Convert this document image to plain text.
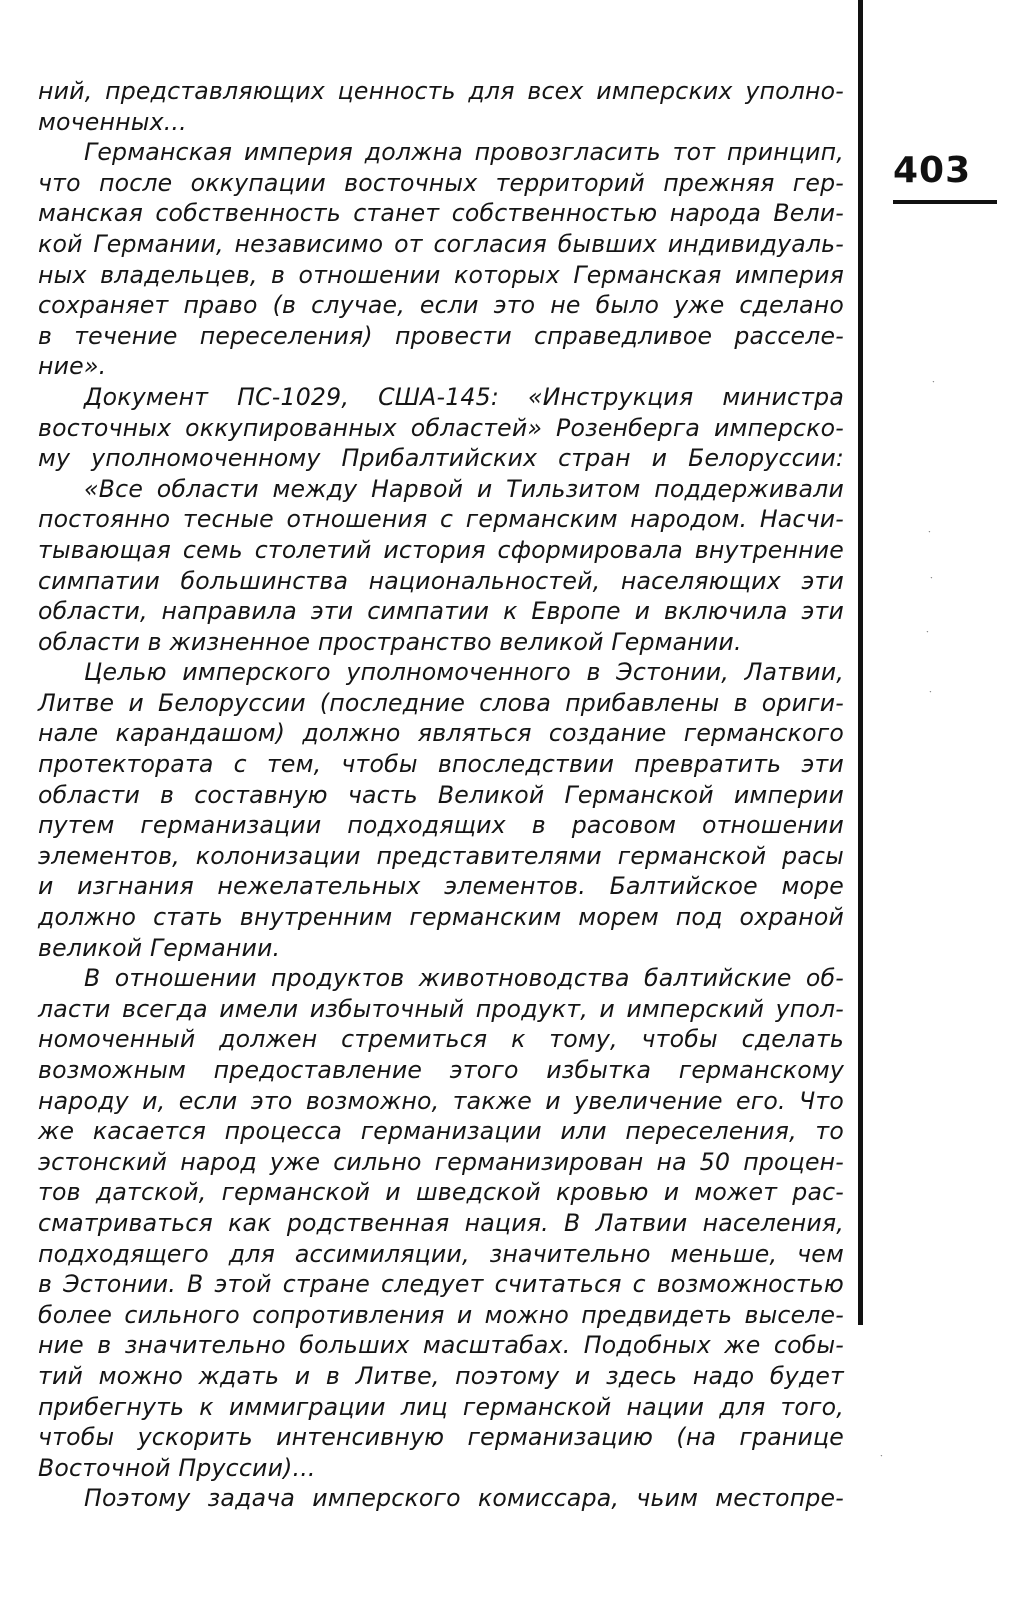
403
ˑ
ˑ
ˑ
ˑ
ˑ
ˑ
ний, представляющих ценность для всех имперских уполно-
моченных...
Германская империя должна провозгласить тот принцип,
что после оккупации восточных территорий прежняя гер-
манская собственность станет собственностью народа Вели-
кой Германии, независимо от согласия бывших индивидуаль-
ных владельцев, в отношении которых Германская империя
сохраняет право (в случае, если это не было уже сделано
в течение переселения) провести справедливое расселе-
ние».
Документ ПС-1029, США-145: «Инструкция министра
восточных оккупированных областей» Розенберга имперско-
му уполномоченному Прибалтийских стран и Белоруссии:
«Все области между Нарвой и Тильзитом поддерживали
постоянно тесные отношения с германским народом. Насчи-
тывающая семь столетий история сформировала внутренние
симпатии большинства национальностей, населяющих эти
области, направила эти симпатии к Европе и включила эти
области в жизненное пространство великой Германии.
Целью имперского уполномоченного в Эстонии, Латвии,
Литве и Белоруссии (последние слова прибавлены в ориги-
нале карандашом) должно являться создание германского
протектората с тем, чтобы впоследствии превратить эти
области в составную часть Великой Германской империи
путем германизации подходящих в расовом отношении
элементов, колонизации представителями германской расы
и изгнания нежелательных элементов. Балтийское море
должно стать внутренним германским морем под охраной
великой Германии.
В отношении продуктов животноводства балтийские об-
ласти всегда имели избыточный продукт, и имперский упол-
номоченный должен стремиться к тому, чтобы сделать
возможным предоставление этого избытка германскому
народу и, если это возможно, также и увеличение его. Что
же касается процесса германизации или переселения, то
эстонский народ уже сильно германизирован на 50 процен-
тов датской, германской и шведской кровью и может рас-
сматриваться как родственная нация. В Латвии населения,
подходящего для ассимиляции, значительно меньше, чем
в Эстонии. В этой стране следует считаться с возможностью
более сильного сопротивления и можно предвидеть выселе-
ние в значительно больших масштабах. Подобных же собы-
тий можно ждать и в Литве, поэтому и здесь надо будет
прибегнуть к иммиграции лиц германской нации для того,
чтобы ускорить интенсивную германизацию (на границе
Восточной Пруссии)...
Поэтому задача имперского комиссара, чьим местопре-
